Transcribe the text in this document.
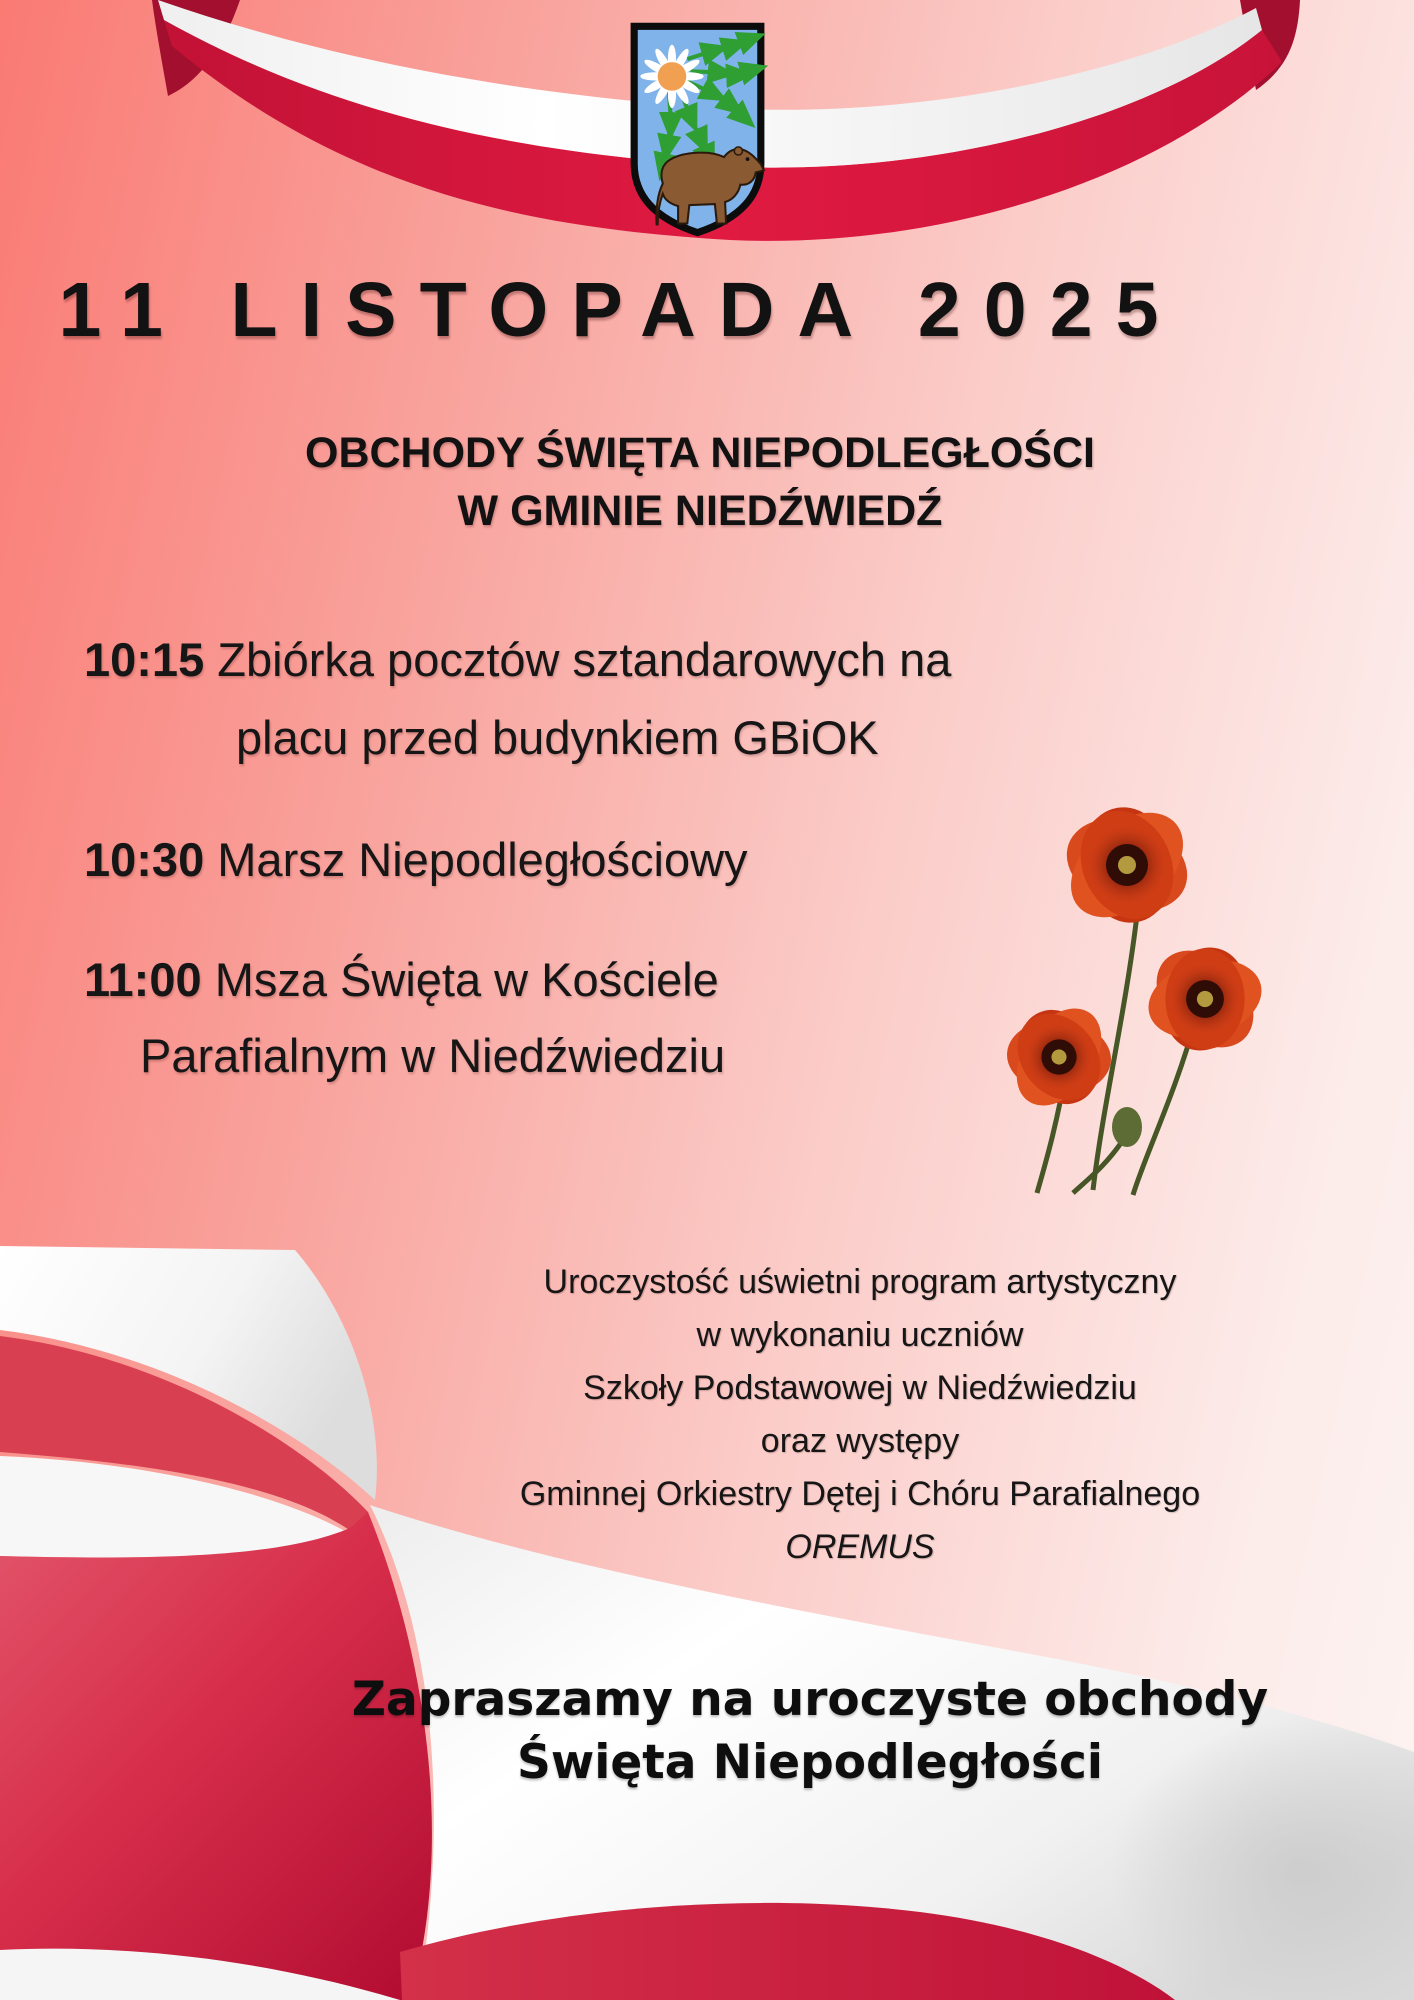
11 LISTOPADA 2025
OBCHODY ŚWIĘTA NIEPODLEGŁOŚCI
W GMINIE NIEDŹWIEDŹ
10:15 Zbiórka pocztów sztandarowych na
placu przed budynkiem GBiOK
10:30 Marsz Niepodległościowy
11:00 Msza Święta w Kościele
Parafialnym w Niedźwiedziu
Uroczystość uświetni program artystyczny
w wykonaniu uczniów
Szkoły Podstawowej w Niedźwiedziu
oraz występy
Gminnej Orkiestry Dętej i Chóru Parafialnego
OREMUS
Zapraszamy na uroczyste obchody
Święta Niepodległości
